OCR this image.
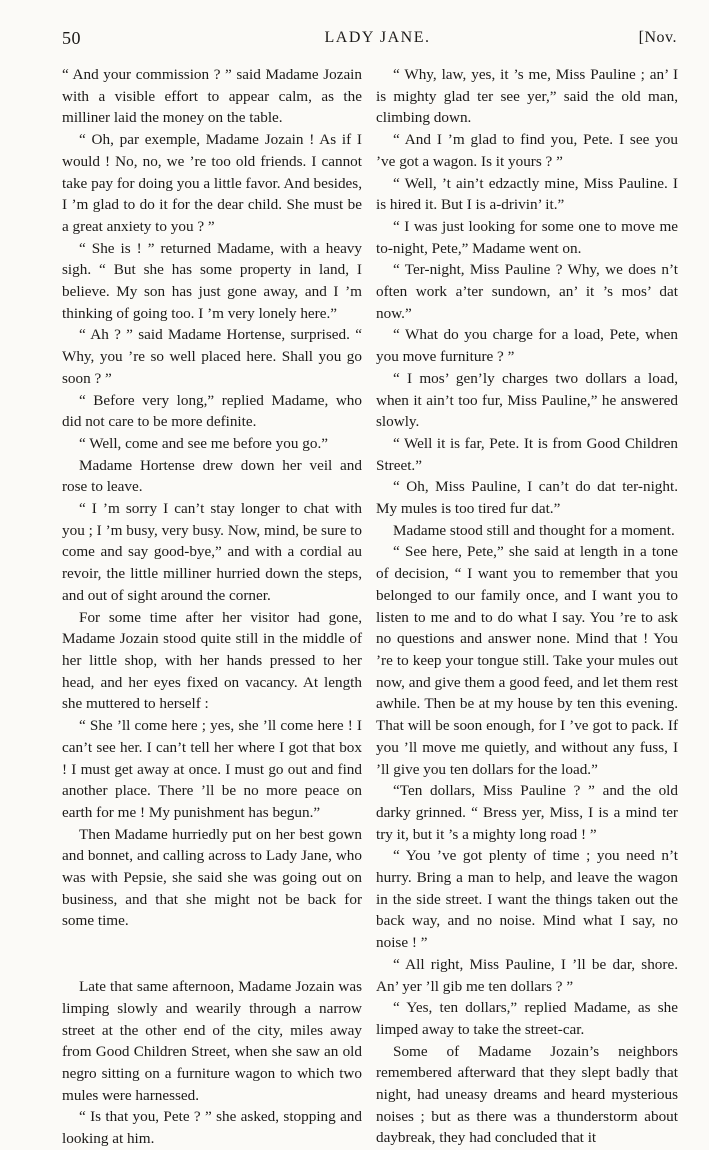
50	LADY JANE.	[Nov.

“ And your commission ? ” said Madame Jozain with a visible effort to appear calm, as the milliner laid the money on the table.

“ Oh, par exemple, Madame Jozain ! As if I would ! No, no, we ’re too old friends. I cannot take pay for doing you a little favor. And besides, I ’m glad to do it for the dear child. She must be a great anxiety to you ? ”

“ She is ! ” returned Madame, with a heavy sigh. “ But she has some property in land, I believe. My son has just gone away, and I ’m thinking of going too. I ’m very lonely here.”

“ Ah ? ” said Madame Hortense, surprised. “ Why, you ’re so well placed here. Shall you go soon ? ”

“ Before very long,” replied Madame, who did not care to be more definite.

“ Well, come and see me before you go.”

Madame Hortense drew down her veil and rose to leave.

“ I ’m sorry I can’t stay longer to chat with you ; I ’m busy, very busy. Now, mind, be sure to come and say good-bye,” and with a cordial au revoir, the little milliner hurried down the steps, and out of sight around the corner.

For some time after her visitor had gone, Madame Jozain stood quite still in the middle of her little shop, with her hands pressed to her head, and her eyes fixed on vacancy. At length she muttered to herself :

“ She ’ll come here ; yes, she ’ll come here ! I can’t see her. I can’t tell her where I got that box ! I must get away at once. I must go out and find another place. There ’ll be no more peace on earth for me ! My punishment has begun.”

Then Madame hurriedly put on her best gown and bonnet, and calling across to Lady Jane, who was with Pepsie, she said she was going out on business, and that she might not be back for some time.

Late that same afternoon, Madame Jozain was limping slowly and wearily through a narrow street at the other end of the city, miles away from Good Children Street, when she saw an old negro sitting on a furniture wagon to which two mules were harnessed.

“ Is that you, Pete ? ” she asked, stopping and looking at him.

“ Why, law, yes, it ’s me, Miss Pauline ; an’ I is mighty glad ter see yer,” said the old man, climbing down.

“ And I ’m glad to find you, Pete. I see you ’ve got a wagon. Is it yours ? ”

“ Well, ’t ain’t edzactly mine, Miss Pauline. I is hired it. But I is a-drivin’ it.”

“ I was just looking for some one to move me to-night, Pete,” Madame went on.

“ Ter-night, Miss Pauline ? Why, we does n’t often work a’ter sundown, an’ it ’s mos’ dat now.”

“ What do you charge for a load, Pete, when you move furniture ? ”

“ I mos’ gen’ly charges two dollars a load, when it ain’t too fur, Miss Pauline,” he answered slowly.

“ Well it is far, Pete. It is from Good Children Street.”

“ Oh, Miss Pauline, I can’t do dat ter-night. My mules is too tired fur dat.”

Madame stood still and thought for a moment.

“ See here, Pete,” she said at length in a tone of decision, “ I want you to remember that you belonged to our family once, and I want you to listen to me and to do what I say. You ’re to ask no questions and answer none. Mind that ! You ’re to keep your tongue still. Take your mules out now, and give them a good feed, and let them rest awhile. Then be at my house by ten this evening. That will be soon enough, for I ’ve got to pack. If you ’ll move me quietly, and without any fuss, I ’ll give you ten dollars for the load.”

“Ten dollars, Miss Pauline ? ” and the old darky grinned. “ Bress yer, Miss, I is a mind ter try it, but it ’s a mighty long road ! ”

“ You ’ve got plenty of time ; you need n’t hurry. Bring a man to help, and leave the wagon in the side street. I want the things taken out the back way, and no noise. Mind what I say, no noise ! ”

“ All right, Miss Pauline, I ’ll be dar, shore. An’ yer ’ll gib me ten dollars ? ”

“ Yes, ten dollars,” replied Madame, as she limped away to take the street-car.

Some of Madame Jozain’s neighbors remembered afterward that they slept badly that night, had uneasy dreams and heard mysterious noises ; but as there was a thunderstorm about daybreak, they had concluded that it
